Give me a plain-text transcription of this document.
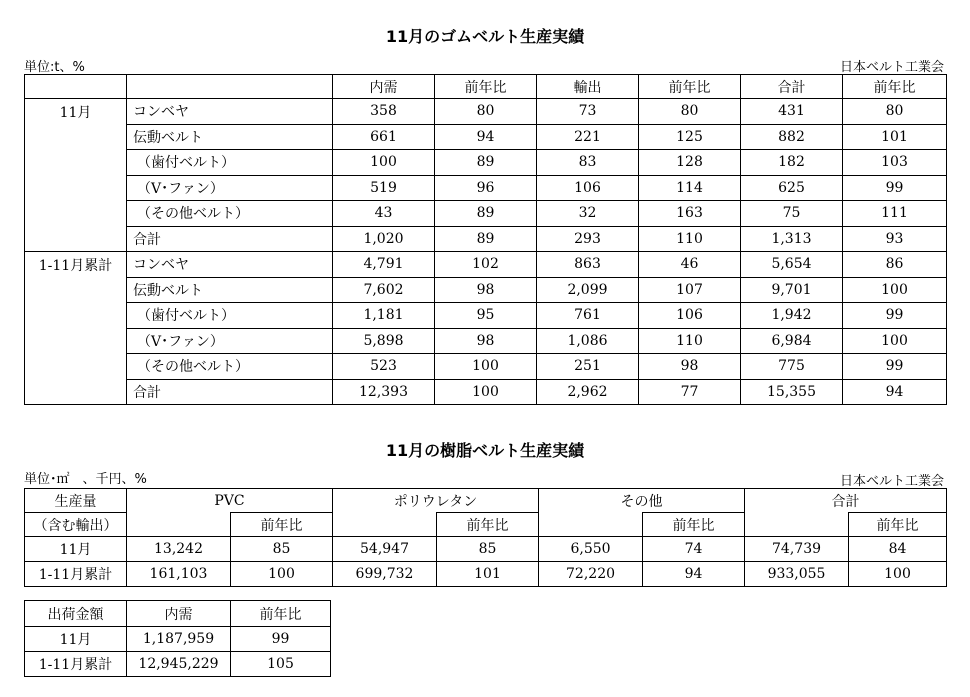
11月のゴムベルト生産実績
単位:t、%	日本ベルト工業会
		内需	前年比	輸出	前年比	合計	前年比
11月	コンベヤ	358	80	73	80	431	80
	伝動ベルト	661	94	221	125	882	101
	（歯付ベルト）	100	89	83	128	182	103
	（V･ファン）	519	96	106	114	625	99
	（その他ベルト）	43	89	32	163	75	111
	合計	1,020	89	293	110	1,313	93
1-11月累計	コンベヤ	4,791	102	863	46	5,654	86
	伝動ベルト	7,602	98	2,099	107	9,701	100
	（歯付ベルト）	1,181	95	761	106	1,942	99
	（V･ファン）	5,898	98	1,086	110	6,984	100
	（その他ベルト）	523	100	251	98	775	99
	合計	12,393	100	2,962	77	15,355	94
11月の樹脂ベルト生産実績
単位･㎡　、千円、%	日本ベルト工業会
生産量	PVC		ポリウレタン		その他		合計	
（含む輸出）		前年比		前年比		前年比		前年比
11月	13,242	85	54,947	85	6,550	74	74,739	84
1-11月累計	161,103	100	699,732	101	72,220	94	933,055	100
出荷金額	内需	前年比
11月	1,187,959	99
1-11月累計	12,945,229	105
